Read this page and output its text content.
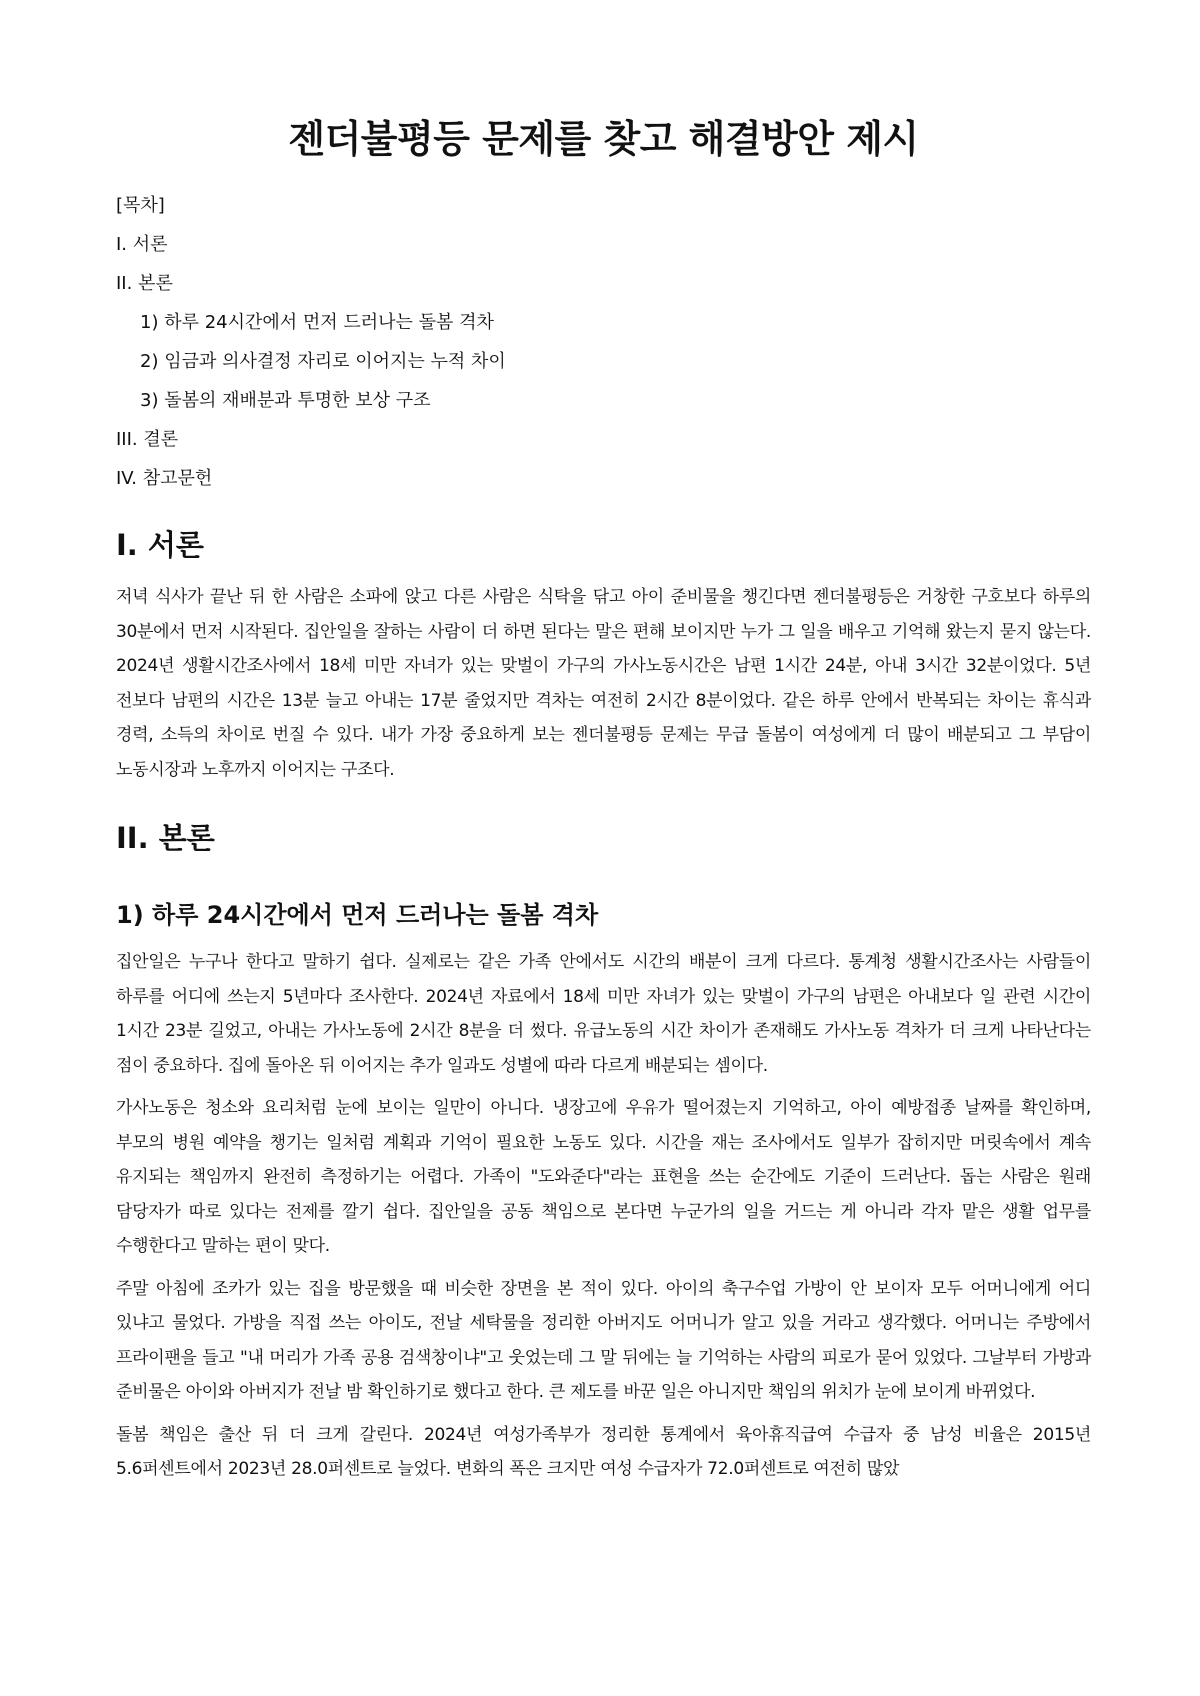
젠더불평등 문제를 찾고 해결방안 제시

[목차]

I. 서론

II. 본론

1) 하루 24시간에서 먼저 드러나는 돌봄 격차

2) 임금과 의사결정 자리로 이어지는 누적 차이

3) 돌봄의 재배분과 투명한 보상 구조

III. 결론

IV. 참고문헌

I. 서론

저녁 식사가 끝난 뒤 한 사람은 소파에 앉고 다른 사람은 식탁을 닦고 아이 준비물을 챙긴다면 젠더불평등은 거창한 구호보다 하루의 30분에서 먼저 시작된다. 집안일을 잘하는 사람이 더 하면 된다는 말은 편해 보이지만 누가 그 일을 배우고 기억해 왔는지 묻지 않는다. 2024년 생활시간조사에서 18세 미만 자녀가 있는 맞벌이 가구의 가사노동시간은 남편 1시간 24분, 아내 3시간 32분이었다. 5년 전보다 남편의 시간은 13분 늘고 아내는 17분 줄었지만 격차는 여전히 2시간 8분이었다. 같은 하루 안에서 반복되는 차이는 휴식과 경력, 소득의 차이로 번질 수 있다. 내가 가장 중요하게 보는 젠더불평등 문제는 무급 돌봄이 여성에게 더 많이 배분되고 그 부담이 노동시장과 노후까지 이어지는 구조다.

II. 본론
1) 하루 24시간에서 먼저 드러나는 돌봄 격차

집안일은 누구나 한다고 말하기 쉽다. 실제로는 같은 가족 안에서도 시간의 배분이 크게 다르다. 통계청 생활시간조사는 사람들이 하루를 어디에 쓰는지 5년마다 조사한다. 2024년 자료에서 18세 미만 자녀가 있는 맞벌이 가구의 남편은 아내보다 일 관련 시간이 1시간 23분 길었고, 아내는 가사노동에 2시간 8분을 더 썼다. 유급노동의 시간 차이가 존재해도 가사노동 격차가 더 크게 나타난다는 점이 중요하다. 집에 돌아온 뒤 이어지는 추가 일과도 성별에 따라 다르게 배분되는 셈이다.

가사노동은 청소와 요리처럼 눈에 보이는 일만이 아니다. 냉장고에 우유가 떨어졌는지 기억하고, 아이 예방접종 날짜를 확인하며, 부모의 병원 예약을 챙기는 일처럼 계획과 기억이 필요한 노동도 있다. 시간을 재는 조사에서도 일부가 잡히지만 머릿속에서 계속 유지되는 책임까지 완전히 측정하기는 어렵다. 가족이 "도와준다"라는 표현을 쓰는 순간에도 기준이 드러난다. 돕는 사람은 원래 담당자가 따로 있다는 전제를 깔기 쉽다. 집안일을 공동 책임으로 본다면 누군가의 일을 거드는 게 아니라 각자 맡은 생활 업무를 수행한다고 말하는 편이 맞다.

주말 아침에 조카가 있는 집을 방문했을 때 비슷한 장면을 본 적이 있다. 아이의 축구수업 가방이 안 보이자 모두 어머니에게 어디 있냐고 물었다. 가방을 직접 쓰는 아이도, 전날 세탁물을 정리한 아버지도 어머니가 알고 있을 거라고 생각했다. 어머니는 주방에서 프라이팬을 들고 "내 머리가 가족 공용 검색창이냐"고 웃었는데 그 말 뒤에는 늘 기억하는 사람의 피로가 묻어 있었다. 그날부터 가방과 준비물은 아이와 아버지가 전날 밤 확인하기로 했다고 한다. 큰 제도를 바꾼 일은 아니지만 책임의 위치가 눈에 보이게 바뀌었다.

돌봄 책임은 출산 뒤 더 크게 갈린다. 2024년 여성가족부가 정리한 통계에서 육아휴직급여 수급자 중 남성 비율은 2015년 5.6퍼센트에서 2023년 28.0퍼센트로 늘었다. 변화의 폭은 크지만 여성 수급자가 72.0퍼센트로 여전히 많았
